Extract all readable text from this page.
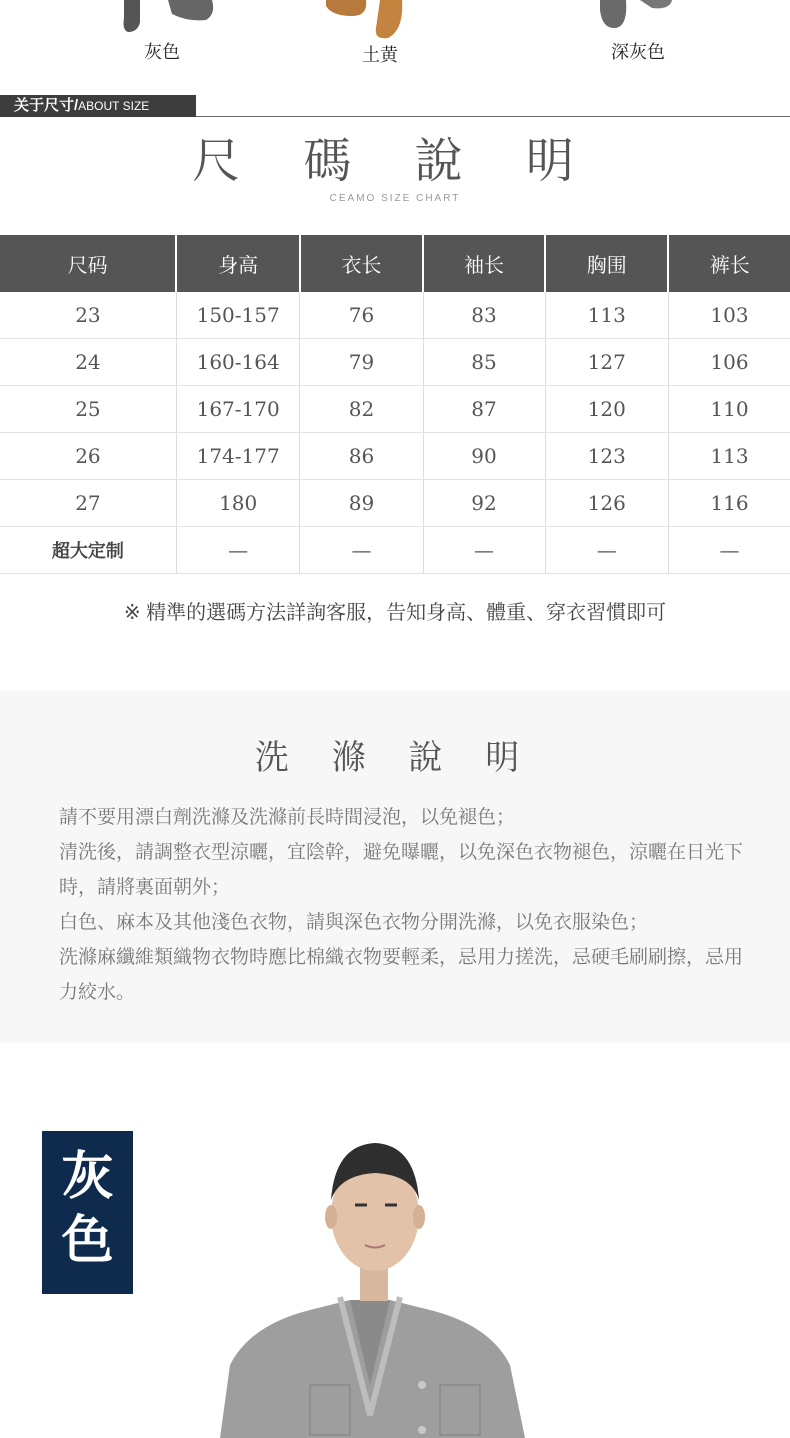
灰色	土黄	深灰色
关于尺寸/ABOUT SIZE
尺 碼 說 明
CEAMO SIZE CHART
尺码	身高	衣长	袖长	胸围	裤长
23	150-157	76	83	113	103
24	160-164	79	85	127	106
25	167-170	82	87	120	110
26	174-177	86	90	123	113
27	180	89	92	126	116
超大定制	—	—	—	—	—
※ 精準的選碼方法詳詢客服，告知身高、體重、穿衣習慣即可
洗 滌 說 明

請不要用漂白劑洗滌及洗滌前長時間浸泡，以免褪色；

清洗後，請調整衣型涼曬，宜陰幹，避免曝曬，以免深色衣物褪色，涼曬在日光下時，請將裏面朝外；

白色、麻本及其他淺色衣物，請與深色衣物分開洗滌，以免衣服染色；

洗滌麻纖維類織物衣物時應比棉織衣物要輕柔，忌用力搓洗，忌硬毛刷刷擦，忌用力絞水。

灰
色
